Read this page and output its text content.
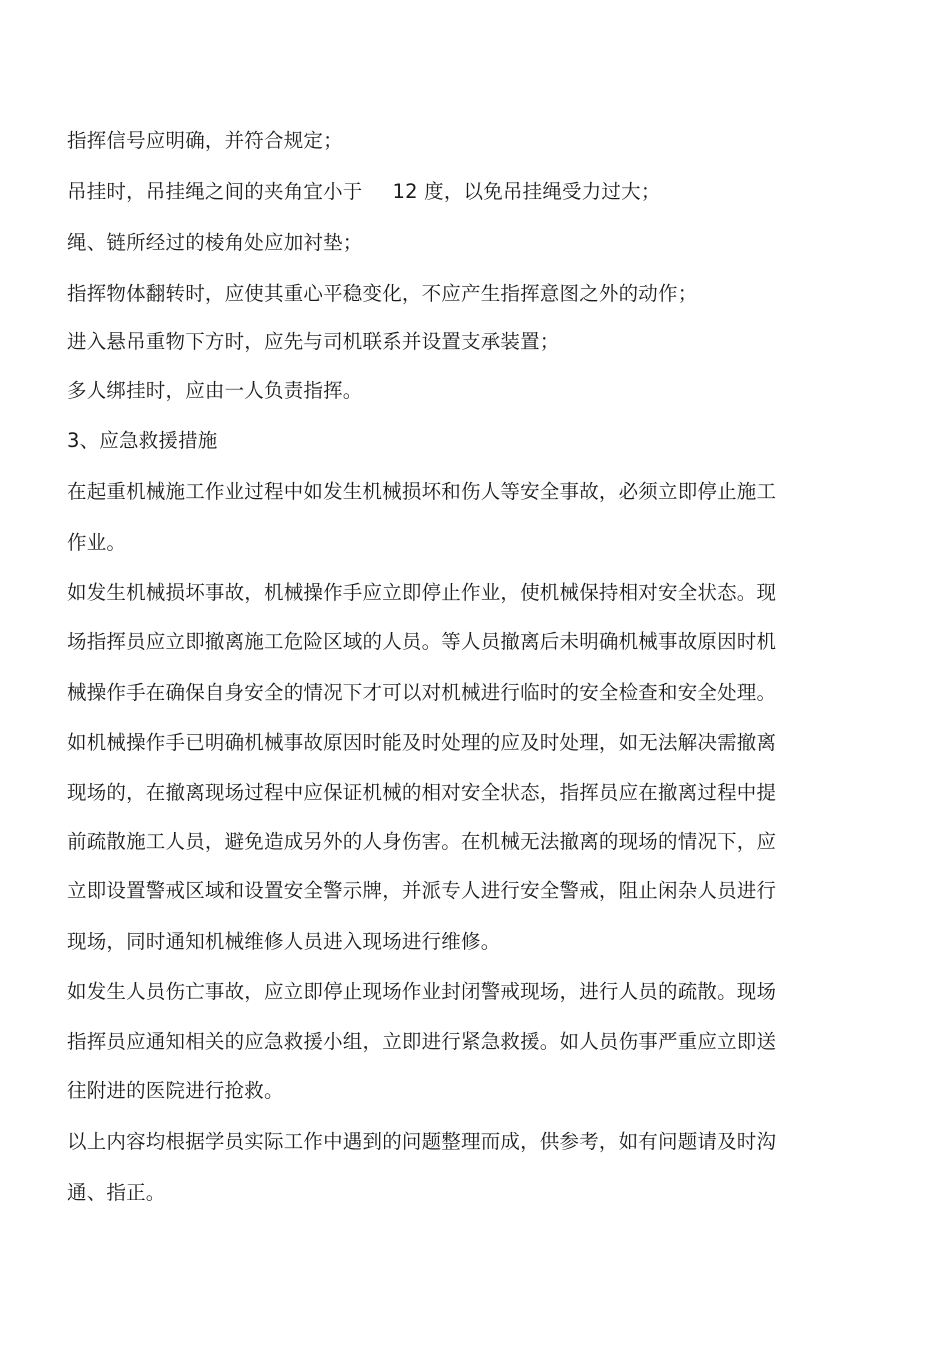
指挥信号应明确，并符合规定；
吊挂时，吊挂绳之间的夹角宜小于 12 度，以免吊挂绳受力过大；
绳、链所经过的棱角处应加衬垫；
指挥物体翻转时，应使其重心平稳变化，不应产生指挥意图之外的动作；
进入悬吊重物下方时，应先与司机联系并设置支承装置；
多人绑挂时，应由一人负责指挥。
3、应急救援措施
在起重机械施工作业过程中如发生机械损坏和伤人等安全事故，必须立即停止施工
作业。
如发生机械损坏事故，机械操作手应立即停止作业，使机械保持相对安全状态。现
场指挥员应立即撤离施工危险区域的人员。等人员撤离后未明确机械事故原因时机
械操作手在确保自身安全的情况下才可以对机械进行临时的安全检查和安全处理。
如机械操作手已明确机械事故原因时能及时处理的应及时处理，如无法解决需撤离
现场的，在撤离现场过程中应保证机械的相对安全状态，指挥员应在撤离过程中提
前疏散施工人员，避免造成另外的人身伤害。在机械无法撤离的现场的情况下，应
立即设置警戒区域和设置安全警示牌，并派专人进行安全警戒，阻止闲杂人员进行
现场，同时通知机械维修人员进入现场进行维修。
如发生人员伤亡事故，应立即停止现场作业封闭警戒现场，进行人员的疏散。现场
指挥员应通知相关的应急救援小组，立即进行紧急救援。如人员伤事严重应立即送
往附进的医院进行抢救。
以上内容均根据学员实际工作中遇到的问题整理而成，供参考，如有问题请及时沟
通、指正。
